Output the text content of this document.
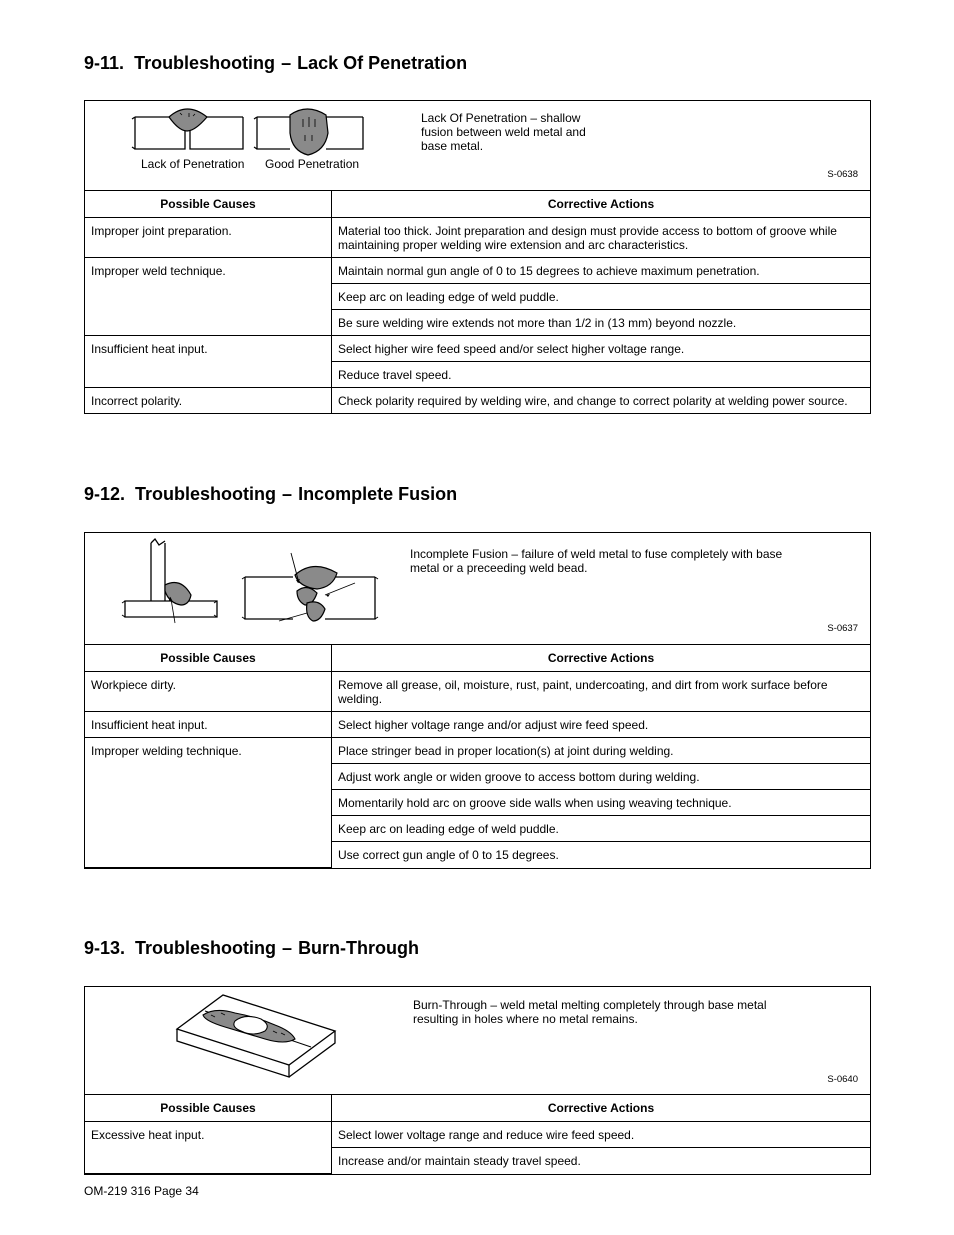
9-11. Troubleshooting – Lack Of Penetration
Lack of Penetration Good Penetration

Lack Of Penetration – shallow fusion between weld metal and base metal.

S-0638
Possible Causes	Corrective Actions
Improper joint preparation.	Material too thick. Joint preparation and design must provide access to bottom of groove while maintaining proper welding wire extension and arc characteristics.
Improper weld technique.	Maintain normal gun angle of 0 to 15 degrees to achieve maximum penetration.
	Keep arc on leading edge of weld puddle.
	Be sure welding wire extends not more than 1/2 in (13 mm) beyond nozzle.
Insufficient heat input.	Select higher wire feed speed and/or select higher voltage range.
	Reduce travel speed.
Incorrect polarity.	Check polarity required by welding wire, and change to correct polarity at welding power source.
9-12. Troubleshooting – Incomplete Fusion

Incomplete Fusion – failure of weld metal to fuse completely with base metal or a preceeding weld bead.

S-0637
Possible Causes	Corrective Actions
Workpiece dirty.	Remove all grease, oil, moisture, rust, paint, undercoating, and dirt from work surface before welding.
Insufficient heat input.	Select higher voltage range and/or adjust wire feed speed.
Improper welding technique.	Place stringer bead in proper location(s) at joint during welding.
	Adjust work angle or widen groove to access bottom during welding.
	Momentarily hold arc on groove side walls when using weaving technique.
	Keep arc on leading edge of weld puddle.
	Use correct gun angle of 0 to 15 degrees.
9-13. Troubleshooting – Burn-Through

Burn-Through – weld metal melting completely through base metal resulting in holes where no metal remains.

S-0640
Possible Causes	Corrective Actions
Excessive heat input.	Select lower voltage range and reduce wire feed speed.
	Increase and/or maintain steady travel speed.
OM-219 316 Page 34
